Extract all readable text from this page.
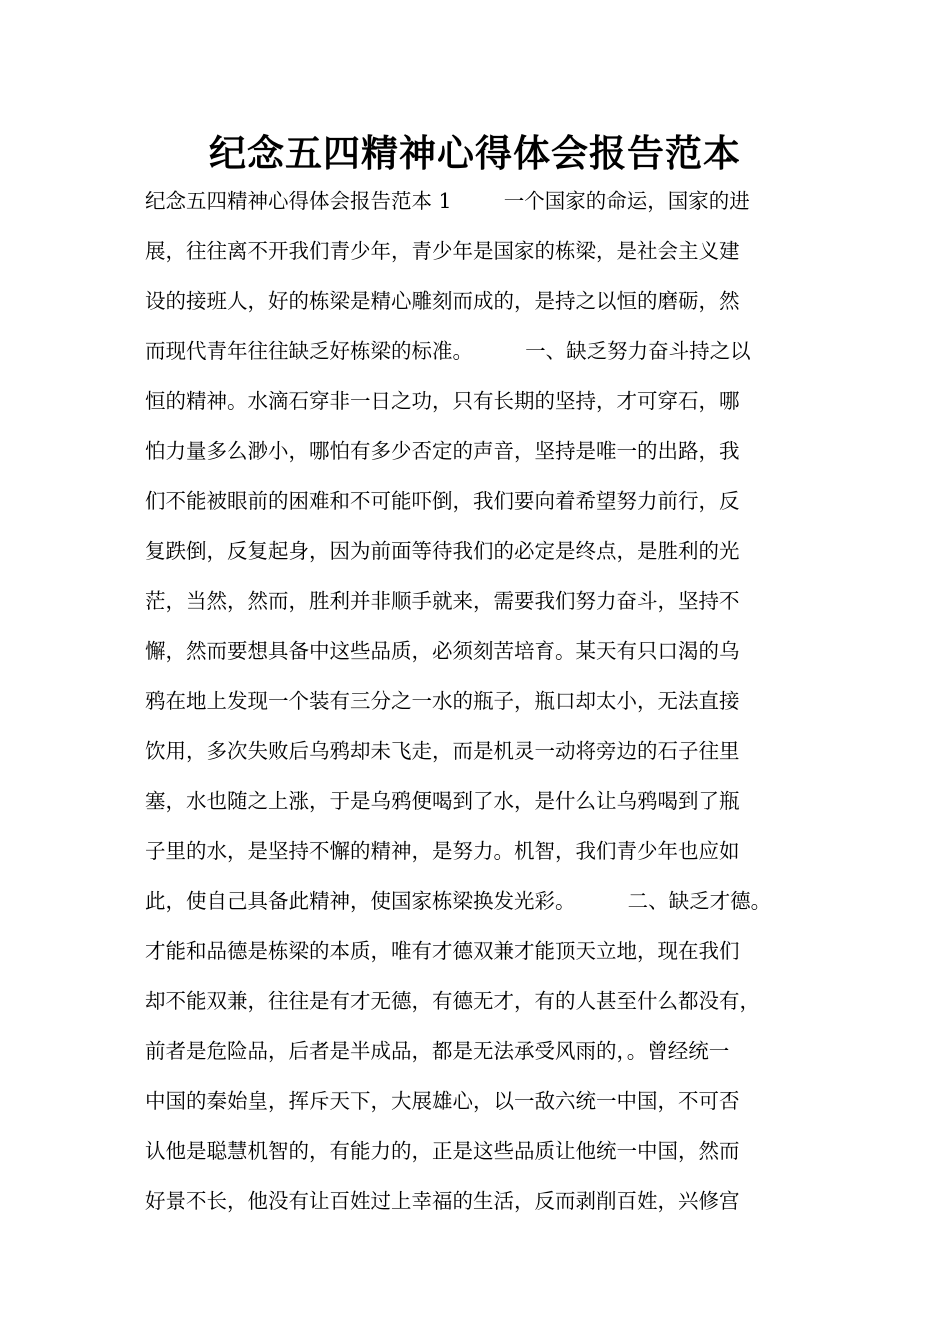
纪念五四精神心得体会报告范本
纪念五四精神心得体会报告范本 1        一个国家的命运，国家的进
展，往往离不开我们青少年，青少年是国家的栋梁，是社会主义建
设的接班人，好的栋梁是精心雕刻而成的，是持之以恒的磨砺，然
而现代青年往往缺乏好栋梁的标准。        一、缺乏努力奋斗持之以
恒的精神。水滴石穿非一日之功，只有长期的坚持，才可穿石，哪
怕力量多么渺小，哪怕有多少否定的声音，坚持是唯一的出路，我
们不能被眼前的困难和不可能吓倒，我们要向着希望努力前行，反
复跌倒，反复起身，因为前面等待我们的必定是终点，是胜利的光
茫，当然，然而，胜利并非顺手就来，需要我们努力奋斗，坚持不
懈，然而要想具备中这些品质，必须刻苦培育。某天有只口渴的乌
鸦在地上发现一个装有三分之一水的瓶子，瓶口却太小，无法直接
饮用，多次失败后乌鸦却未飞走，而是机灵一动将旁边的石子往里
塞，水也随之上涨，于是乌鸦便喝到了水，是什么让乌鸦喝到了瓶
子里的水，是坚持不懈的精神，是努力。机智，我们青少年也应如
此，使自己具备此精神，使国家栋梁换发光彩。        二、缺乏才德。
才能和品德是栋梁的本质，唯有才德双兼才能顶天立地，现在我们
却不能双兼，往往是有才无德，有德无才，有的人甚至什么都没有，
前者是危险品，后者是半成品，都是无法承受风雨的，。曾经统一
中国的秦始皇，挥斥天下，大展雄心，以一敌六统一中国，不可否
认他是聪慧机智的，有能力的，正是这些品质让他统一中国，然而
好景不长，他没有让百姓过上幸福的生活，反而剥削百姓，兴修宫
